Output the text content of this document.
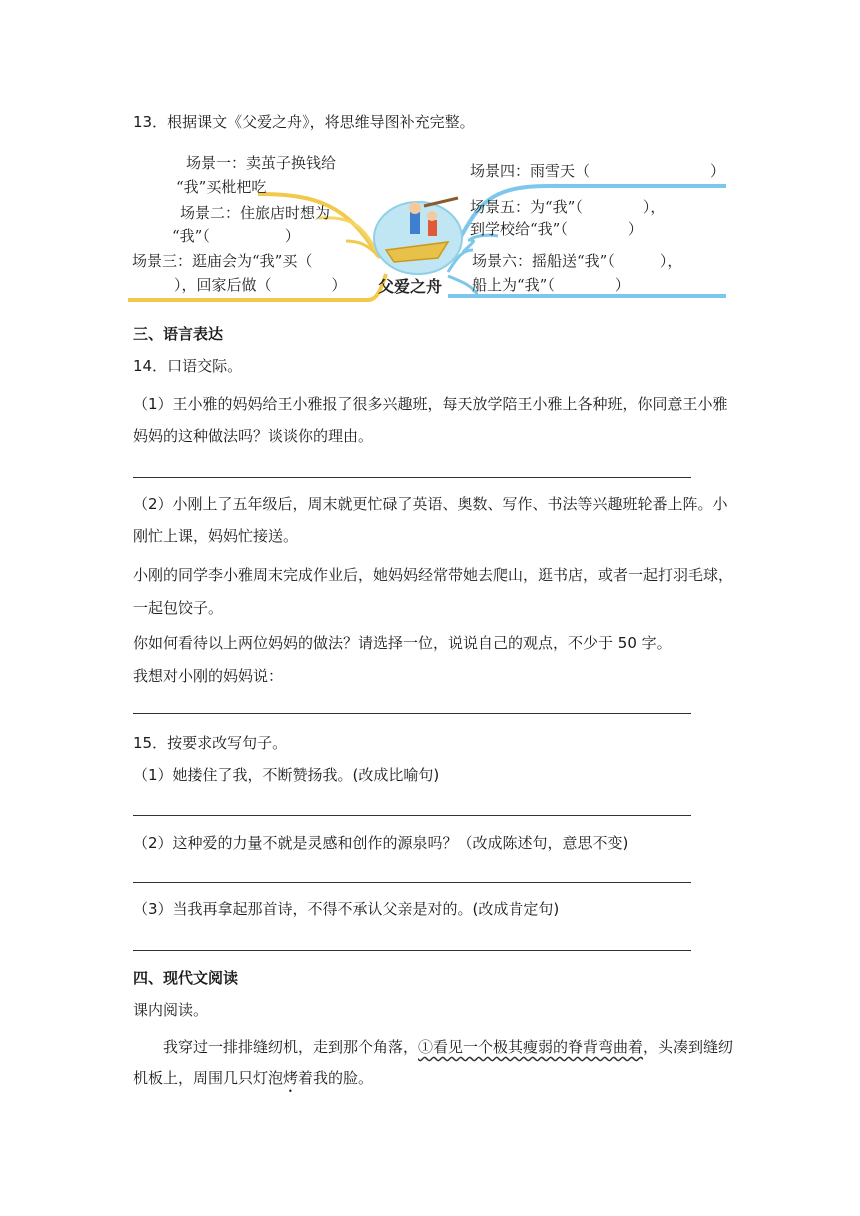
13．根据课文《父爱之舟》，将思维导图补充完整。
场景一：卖茧子换钱给
“我”买枇杷吃
场景二：住旅店时想为
“我”（　　　　　）
场景三：逛庙会为“我”买（
），回家后做（　　　　）
场景四：雨雪天（　　　　　　　　）
场景五：为“我”（　　　　），
到学校给“我”（　　　　）
场景六：摇船送“我”（　　　），
船上为“我”（　　　　）
父爱之舟
三、语言表达
14．口语交际。
（1）王小雅的妈妈给王小雅报了很多兴趣班，每天放学陪王小雅上各种班，你同意王小雅
妈妈的这种做法吗？谈谈你的理由。
（2）小刚上了五年级后，周末就更忙碌了英语、奥数、写作、书法等兴趣班轮番上阵。小
刚忙上课，妈妈忙接送。
小刚的同学李小雅周末完成作业后，她妈妈经常带她去爬山，逛书店，或者一起打羽毛球，
一起包饺子。
你如何看待以上两位妈妈的做法？请选择一位，说说自己的观点，不少于 50 字。
我想对小刚的妈妈说：
15．按要求改写句子。
（1）她搂住了我，不断赞扬我。(改成比喻句)
（2）这种爱的力量不就是灵感和创作的源泉吗？（改成陈述句，意思不变)
（3）当我再拿起那首诗，不得不承认父亲是对的。(改成肯定句)
四、现代文阅读
课内阅读。
我穿过一排排缝纫机，走到那个角落，①看见一个极其瘦弱的脊背弯曲着，头凑到缝纫
机板上，周围几只灯泡烤着我的脸。
